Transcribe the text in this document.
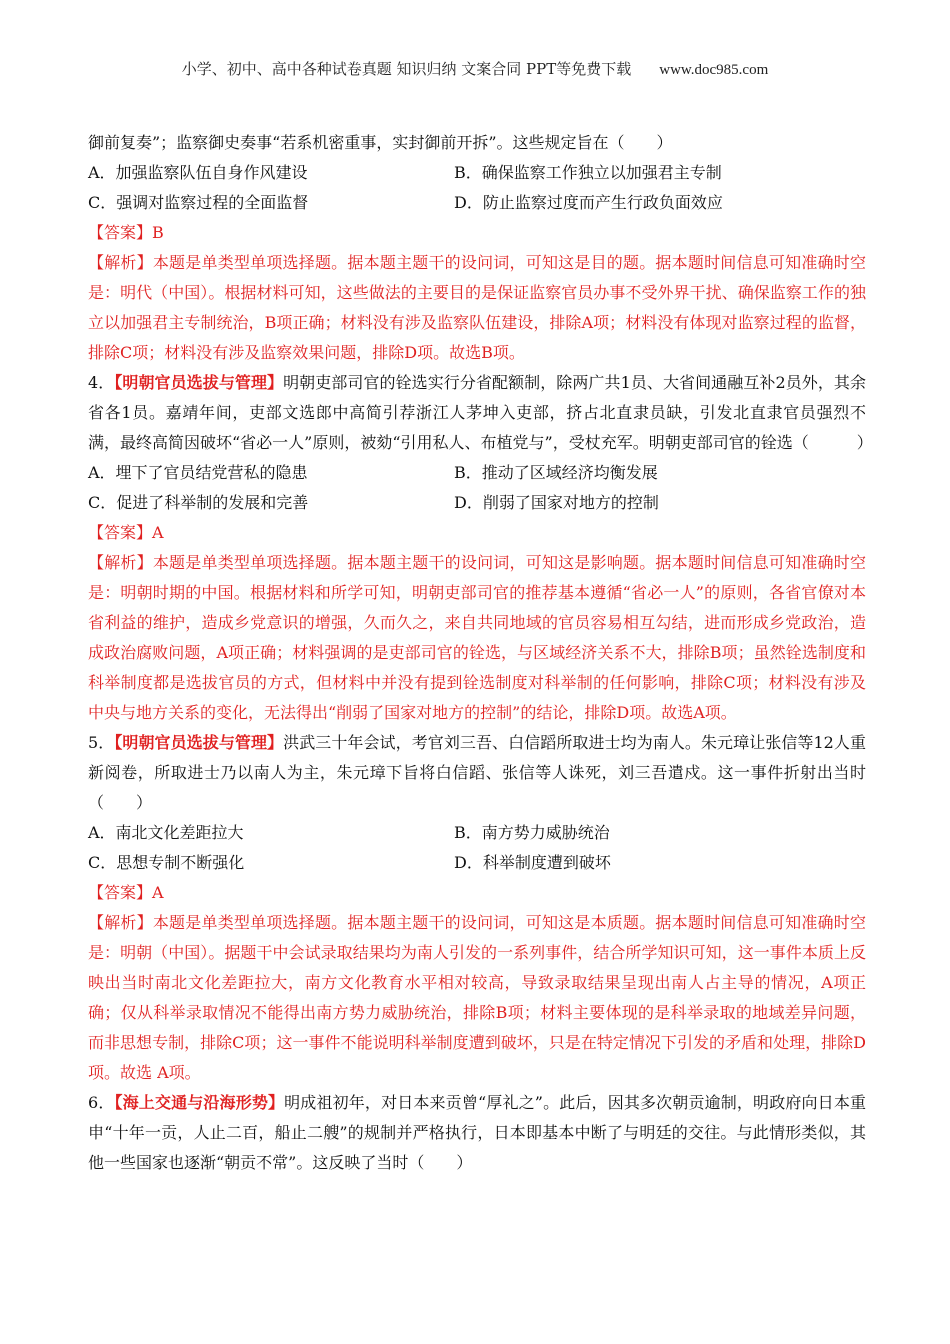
小学、初中、高中各种试卷真题 知识归纳 文案合同 PPT等免费下载 www.doc985.com

御前复奏”；监察御史奏事“若系机密重事，实封御前开拆”。这些规定旨在（　　）

A．加强监察队伍自身作风建设	B．确保监察工作独立以加强君主专制

C．强调对监察过程的全面监督	D．防止监察过度而产生行政负面效应

【答案】B

【解析】本题是单类型单项选择题。据本题主题干的设问词，可知这是目的题。据本题时间信息可知准确时空是：明代（中国）。根据材料可知，这些做法的主要目的是保证监察官员办事不受外界干扰、确保监察工作的独立以加强君主专制统治，B项正确；材料没有涉及监察队伍建设，排除A项；材料没有体现对监察过程的监督，排除C项；材料没有涉及监察效果问题，排除D项。故选B项。

4．【明朝官员选拔与管理】明朝吏部司官的铨选实行分省配额制，除两广共1员、大省间通融互补2员外，其余省各1员。嘉靖年间，吏部文选郎中高简引荐浙江人茅坤入吏部，挤占北直隶员缺，引发北直隶官员强烈不满，最终高简因破坏“省必一人”原则，被劾“引用私人、布植党与”，受杖充军。明朝吏部司官的铨选（　　　）

A．埋下了官员结党营私的隐患	B．推动了区域经济均衡发展

C．促进了科举制的发展和完善	D．削弱了国家对地方的控制

【答案】A

【解析】本题是单类型单项选择题。据本题主题干的设问词，可知这是影响题。据本题时间信息可知准确时空是：明朝时期的中国。根据材料和所学可知，明朝吏部司官的推荐基本遵循“省必一人”的原则，各省官僚对本省利益的维护，造成乡党意识的增强，久而久之，来自共同地域的官员容易相互勾结，进而形成乡党政治，造成政治腐败问题，A项正确；材料强调的是吏部司官的铨选，与区域经济关系不大，排除B项；虽然铨选制度和科举制度都是选拔官员的方式，但材料中并没有提到铨选制度对科举制的任何影响，排除C项；材料没有涉及中央与地方关系的变化，无法得出“削弱了国家对地方的控制”的结论，排除D项。故选A项。

5．【明朝官员选拔与管理】洪武三十年会试，考官刘三吾、白信蹈所取进士均为南人。朱元璋让张信等12人重新阅卷，所取进士乃以南人为主，朱元璋下旨将白信蹈、张信等人诛死，刘三吾遣戍。这一事件折射出当时（　　）

A．南北文化差距拉大	B．南方势力威胁统治

C．思想专制不断强化	D．科举制度遭到破坏

【答案】A

【解析】本题是单类型单项选择题。据本题主题干的设问词，可知这是本质题。据本题时间信息可知准确时空是：明朝（中国）。据题干中会试录取结果均为南人引发的一系列事件，结合所学知识可知，这一事件本质上反映出当时南北文化差距拉大，南方文化教育水平相对较高，导致录取结果呈现出南人占主导的情况，A项正确；仅从科举录取情况不能得出南方势力威胁统治，排除B项；材料主要体现的是科举录取的地域差异问题，而非思想专制，排除C项；这一事件不能说明科举制度遭到破坏，只是在特定情况下引发的矛盾和处理，排除D项。故选 A项。

6．【海上交通与沿海形势】明成祖初年，对日本来贡曾“厚礼之”。此后，因其多次朝贡逾制，明政府向日本重申“十年一贡，人止二百，船止二艘”的规制并严格执行，日本即基本中断了与明廷的交往。与此情形类似，其他一些国家也逐渐“朝贡不常”。这反映了当时（　　）
